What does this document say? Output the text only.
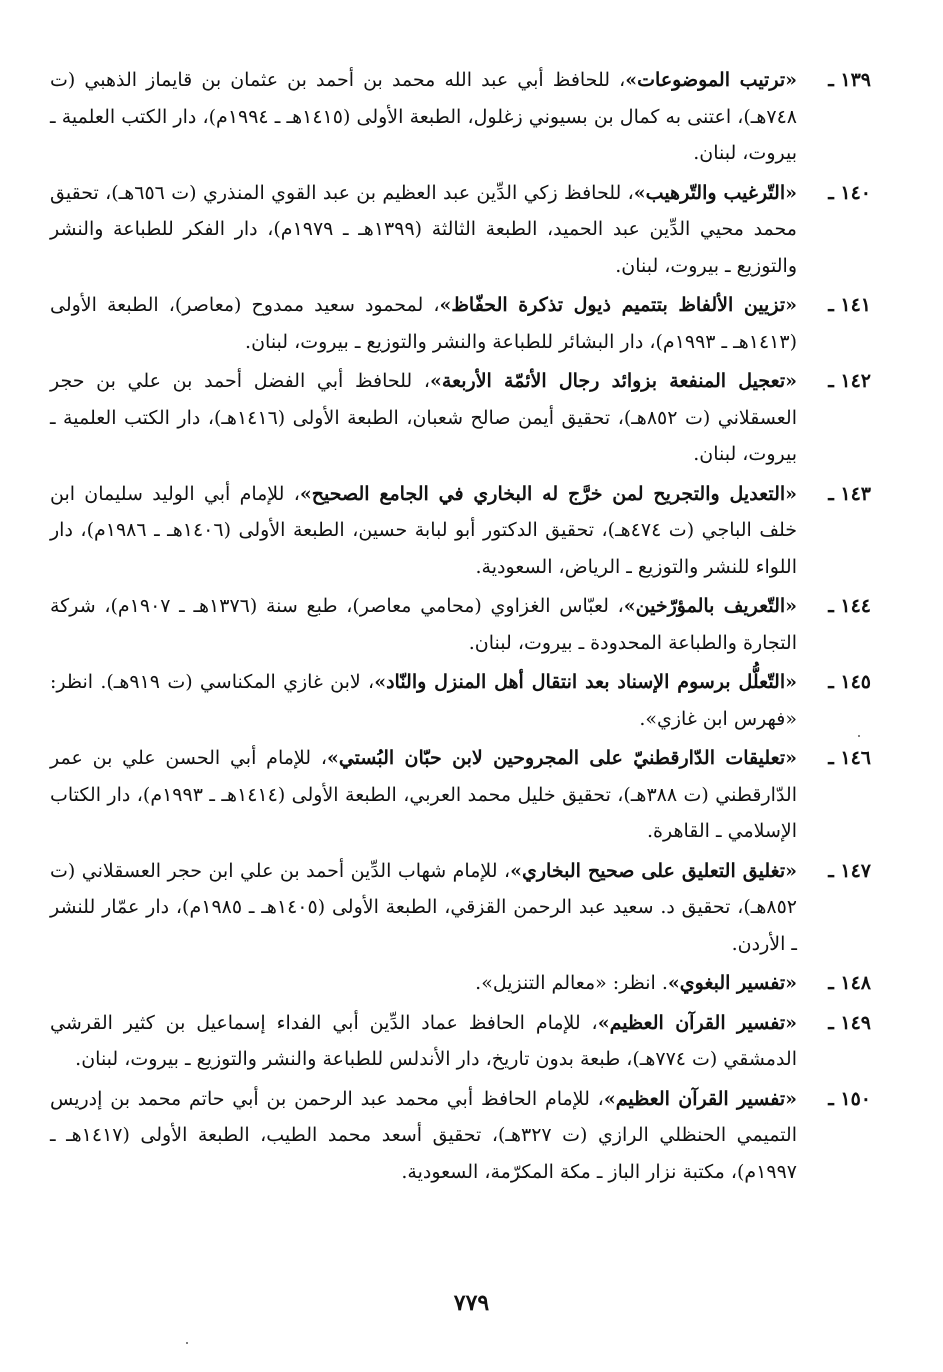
١٣٩ ـ
«ترتيب الموضوعات»، للحافظ أبي عبد الله محمد بن أحمد بن عثمان بن قايماز الذهبي (ت ٧٤٨هـ)، اعتنى به كمال بن بسيوني زغلول، الطبعة الأولى (١٤١٥هـ ـ ١٩٩٤م)، دار الكتب العلمية ـ بيروت، لبنان.
١٤٠ ـ
«التّرغيب والتّرهيب»، للحافظ زكي الدِّين عبد العظيم بن عبد القوي المنذري (ت ٦٥٦هـ)، تحقيق محمد محيي الدِّين عبد الحميد، الطبعة الثالثة (١٣٩٩هـ ـ ١٩٧٩م)، دار الفكر للطباعة والنشر والتوزيع ـ بيروت، لبنان.
١٤١ ـ
«تزيين الألفاظ بتتميم ذيول تذكرة الحفّاظ»، لمحمود سعيد ممدوح (معاصر)، الطبعة الأولى (١٤١٣هـ ـ ١٩٩٣م)، دار البشائر للطباعة والنشر والتوزيع ـ بيروت، لبنان.
١٤٢ ـ
«تعجيل المنفعة بزوائد رجال الأئمّة الأربعة»، للحافظ أبي الفضل أحمد بن علي بن حجر العسقلاني (ت ٨٥٢هـ)، تحقيق أيمن صالح شعبان، الطبعة الأولى (١٤١٦هـ)، دار الكتب العلمية ـ بيروت، لبنان.
١٤٣ ـ
«التعديل والتجريح لمن خرَّج له البخاري في الجامع الصحيح»، للإمام أبي الوليد سليمان ابن خلف الباجي (ت ٤٧٤هـ)، تحقيق الدكتور أبو لبابة حسين، الطبعة الأولى (١٤٠٦هـ ـ ١٩٨٦م)، دار اللواء للنشر والتوزيع ـ الرياض، السعودية.
١٤٤ ـ
«التّعريف بالمؤرّخين»، لعبّاس الغزاوي (محامي معاصر)، طبع سنة (١٣٧٦هـ ـ ١٩٠٧م)، شركة التجارة والطباعة المحدودة ـ بيروت، لبنان.
١٤٥ ـ
«التّعلُّل برسوم الإسناد بعد انتقال أهل المنزل والنّاد»، لابن غازي المكناسي (ت ٩١٩هـ). انظر: «فهرس ابن غازي».
١٤٦ ـ
«تعليقات الدّارقطنيّ على المجروحين لابن حبّان البُستي»، للإمام أبي الحسن علي بن عمر الدّارقطني (ت ٣٨٨هـ)، تحقيق خليل محمد العربي، الطبعة الأولى (١٤١٤هـ ـ ١٩٩٣م)، دار الكتاب الإسلامي ـ القاهرة.
١٤٧ ـ
«تغليق التعليق على صحيح البخاري»، للإمام شهاب الدِّين أحمد بن علي ابن حجر العسقلاني (ت ٨٥٢هـ)، تحقيق د. سعيد عبد الرحمن القزقي، الطبعة الأولى (١٤٠٥هـ ـ ١٩٨٥م)، دار عمّار للنشر ـ الأردن.
١٤٨ ـ
«تفسير البغوي». انظر: «معالم التنزيل».
١٤٩ ـ
«تفسير القرآن العظيم»، للإمام الحافظ عماد الدِّين أبي الفداء إسماعيل بن كثير القرشي الدمشقي (ت ٧٧٤هـ)، طبعة بدون تاريخ، دار الأندلس للطباعة والنشر والتوزيع ـ بيروت، لبنان.
١٥٠ ـ
«تفسير القرآن العظيم»، للإمام الحافظ أبي محمد عبد الرحمن بن أبي حاتم محمد بن إدريس التميمي الحنظلي الرازي (ت ٣٢٧هـ)، تحقيق أسعد محمد الطيب، الطبعة الأولى (١٤١٧هـ ـ ١٩٩٧م)، مكتبة نزار الباز ـ مكة المكرّمة، السعودية.
٧٧٩
